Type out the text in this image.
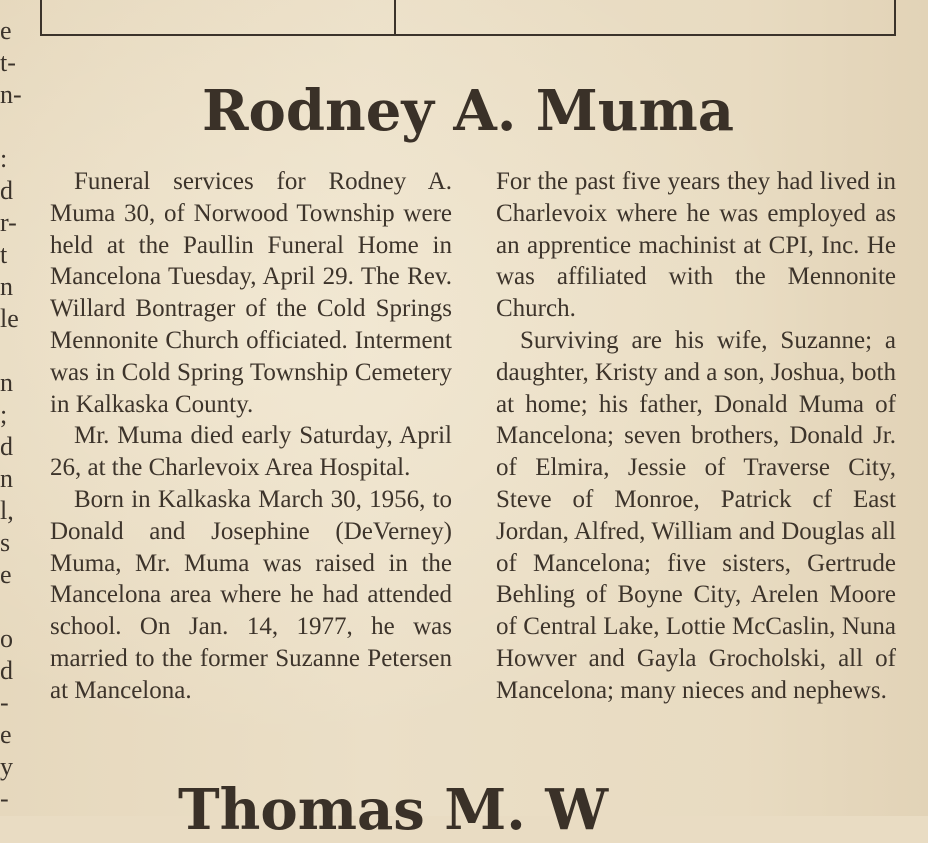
e
t-
n-
:
d
r-
t
n
le
n
;
d
n
l,
s
e
o
d
-
e
y
-
Rodney A. Muma

Funeral services for Rodney A. Muma 30, of Norwood Township were held at the Paullin Funeral Home in Mancelona Tuesday, April 29. The Rev. Willard Bontrager of the Cold Springs Mennonite Church officiated. Interment was in Cold Spring Township Cemetery in Kalkaska County.

Mr. Muma died early Saturday, April 26, at the Charlevoix Area Hospital.

Born in Kalkaska March 30, 1956, to Donald and Josephine (DeVerney) Muma, Mr. Muma was raised in the Mancelona area where he had attended school. On Jan. 14, 1977, he was married to the former Suzanne Petersen at Mancelona.

For the past five years they had lived in Charlevoix where he was employed as an apprentice machinist at CPI, Inc. He was affiliated with the Mennonite Church.

Surviving are his wife, Suzanne; a daughter, Kristy and a son, Joshua, both at home; his father, Donald Muma of Mancelona; seven brothers, Donald Jr. of Elmira, Jessie of Traverse City, Steve of Monroe, Patrick cf East Jordan, Alfred, William and Douglas all of Mancelona; five sisters, Gertrude Behling of Boyne City, Arelen Moore of Central Lake, Lottie McCaslin, Nuna Howver and Gayla Grocholski, all of Mancelona; many nieces and nephews.

Thomas M. W
